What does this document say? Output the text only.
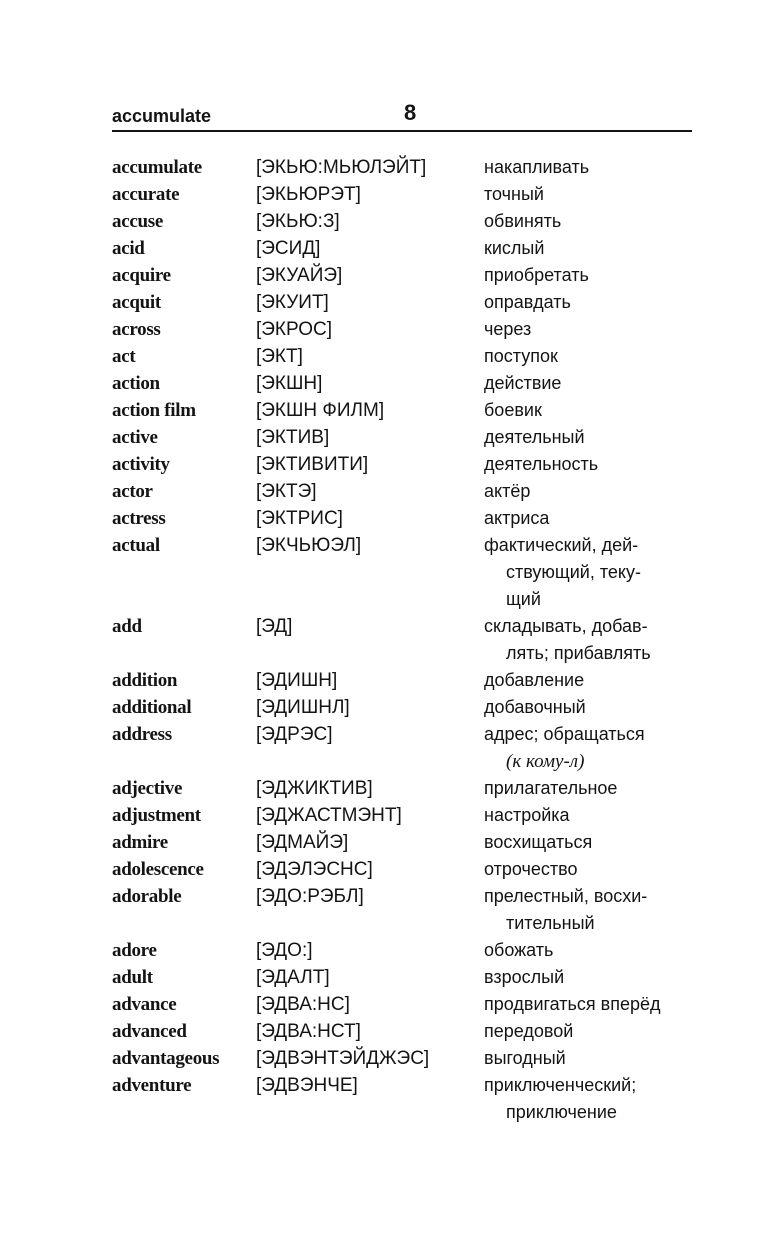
accumulate	8
accumulate	[ЭКЬЮ:МЬЮЛЭЙТ]	накапливать
accurate	[ЭКЬЮРЭТ]	точный
accuse	[ЭКЬЮ:З]	обвинять
acid	[ЭСИД]	кислый
acquire	[ЭКУАЙЭ]	приобретать
acquit	[ЭКУИТ]	оправдать
across	[ЭКРОС]	через
act	[ЭКТ]	поступок
action	[ЭКШН]	действие
action film	[ЭКШН ФИЛМ]	боевик
active	[ЭКТИВ]	деятельный
activity	[ЭКТИВИТИ]	деятельность
actor	[ЭКТЭ]	актёр
actress	[ЭКТРИС]	актриса
actual	[ЭКЧЬЮЭЛ]	фактический, дей-
ствующий, теку-
щий
add	[ЭД]	складывать, добав-
лять; прибавлять
addition	[ЭДИШН]	добавление
additional	[ЭДИШНЛ]	добавочный
address	[ЭДРЭС]	адрес; обращаться
(к кому-л)
adjective	[ЭДЖИКТИВ]	прилагательное
adjustment	[ЭДЖАСТМЭНТ]	настройка
admire	[ЭДМАЙЭ]	восхищаться
adolescence	[ЭДЭЛЭСНС]	отрочество
adorable	[ЭДО:РЭБЛ]	прелестный, восхи-
тительный
adore	[ЭДО:]	обожать
adult	[ЭДАЛТ]	взрослый
advance	[ЭДВА:НС]	продвигаться вперёд
advanced	[ЭДВА:НСТ]	передовой
advantageous	[ЭДВЭНТЭЙДЖЭС]	выгодный
adventure	[ЭДВЭНЧЕ]	приключенческий;
приключение
